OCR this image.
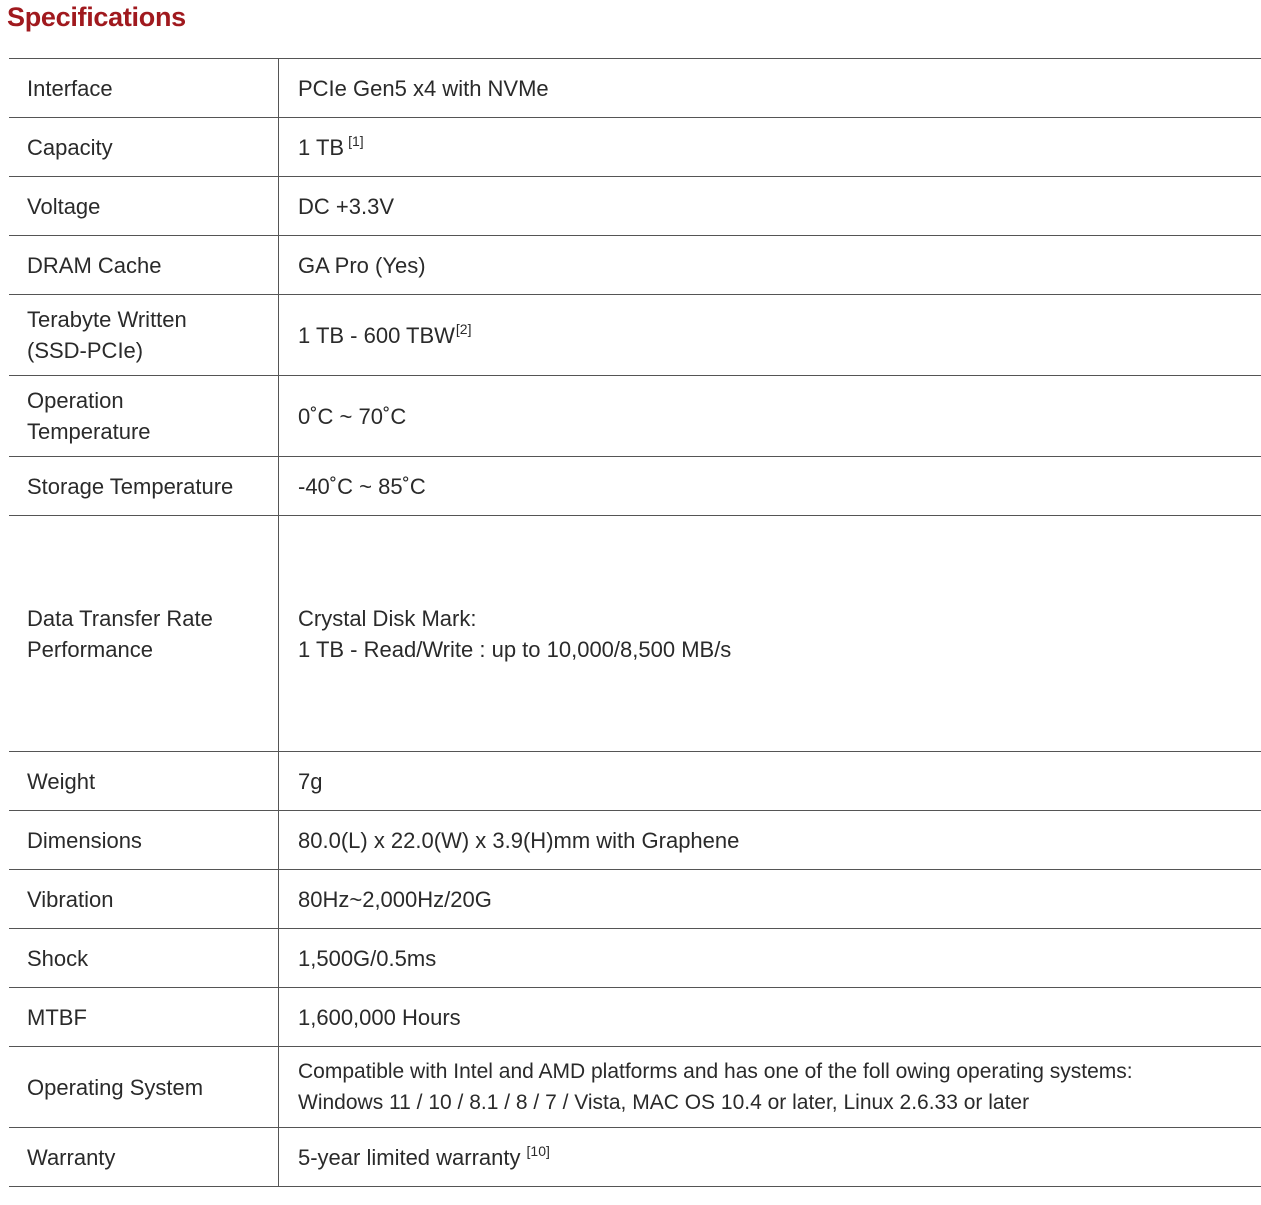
Specifications
Interface	PCIe Gen5 x4 with NVMe
Capacity	1 TB [1]
Voltage	DC +3.3V
DRAM Cache	GA Pro (Yes)

Terabyte Written
(SSD-PCIe)	1 TB - 600 TBW[2]

Operation
Temperature	0˚C ~ 70˚C
Storage Temperature	-40˚C ~ 85˚C

Data Transfer Rate
Performance	Crystal Disk Mark:
1 TB - Read/Write : up to 10,000/8,500 MB/s

Weight	7g
Dimensions	80.0(L) x 22.0(W) x 3.9(H)mm with Graphene
Vibration	80Hz~2,000Hz/20G
Shock	1,500G/0.5ms
MTBF	1,600,000 Hours
Operating System	Compatible with Intel and AMD platforms and has one of the foll owing operating systems:
Windows 11 / 10 / 8.1 / 8 / 7 / Vista, MAC OS 10.4 or later, Linux 2.6.33 or later

Warranty	5-year limited warranty [10]
